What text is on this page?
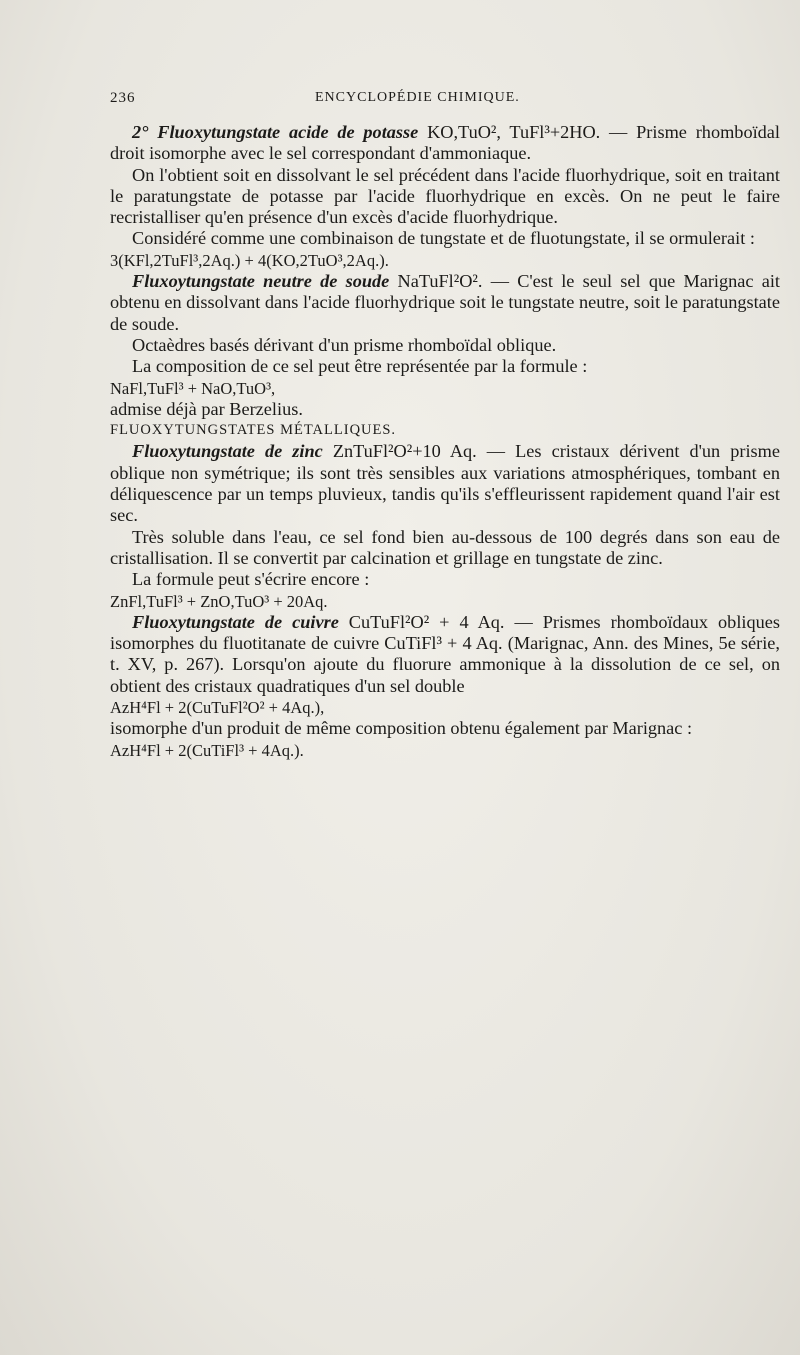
236	ENCYCLOPÉDIE CHIMIQUE.

2° Fluoxytungstate acide de potasse KO,TuO², TuFl³+2HO. — Prisme rhomboïdal droit isomorphe avec le sel correspondant d'ammoniaque.

On l'obtient soit en dissolvant le sel précédent dans l'acide fluorhydrique, soit en traitant le paratungstate de potasse par l'acide fluorhydrique en excès. On ne peut le faire recristalliser qu'en présence d'un excès d'acide fluorhydrique.

Considéré comme une combinaison de tungstate et de fluotungstate, il se ormulerait :

3(KFl,2TuFl³,2Aq.) + 4(KO,2TuO³,2Aq.).

Fluxoytungstate neutre de soude NaTuFl²O². — C'est le seul sel que Marignac ait obtenu en dissolvant dans l'acide fluorhydrique soit le tungstate neutre, soit le paratungstate de soude.

Octaèdres basés dérivant d'un prisme rhomboïdal oblique.

La composition de ce sel peut être représentée par la formule :

NaFl,TuFl³ + NaO,TuO³,

admise déjà par Berzelius.

FLUOXYTUNGSTATES MÉTALLIQUES.

Fluoxytungstate de zinc ZnTuFl²O²+10 Aq. — Les cristaux dérivent d'un prisme oblique non symétrique; ils sont très sensibles aux variations atmosphériques, tombant en déliquescence par un temps pluvieux, tandis qu'ils s'effleurissent rapidement quand l'air est sec.

Très soluble dans l'eau, ce sel fond bien au-dessous de 100 degrés dans son eau de cristallisation. Il se convertit par calcination et grillage en tungstate de zinc.

La formule peut s'écrire encore :

ZnFl,TuFl³ + ZnO,TuO³ + 20Aq.

Fluoxytungstate de cuivre CuTuFl²O² + 4 Aq. — Prismes rhomboïdaux obliques isomorphes du fluotitanate de cuivre CuTiFl³ + 4 Aq. (Marignac, Ann. des Mines, 5e série, t. XV, p. 267). Lorsqu'on ajoute du fluorure ammonique à la dissolution de ce sel, on obtient des cristaux quadratiques d'un sel double

AzH⁴Fl + 2(CuTuFl²O² + 4Aq.),

isomorphe d'un produit de même composition obtenu également par Marignac :

AzH⁴Fl + 2(CuTiFl³ + 4Aq.).
